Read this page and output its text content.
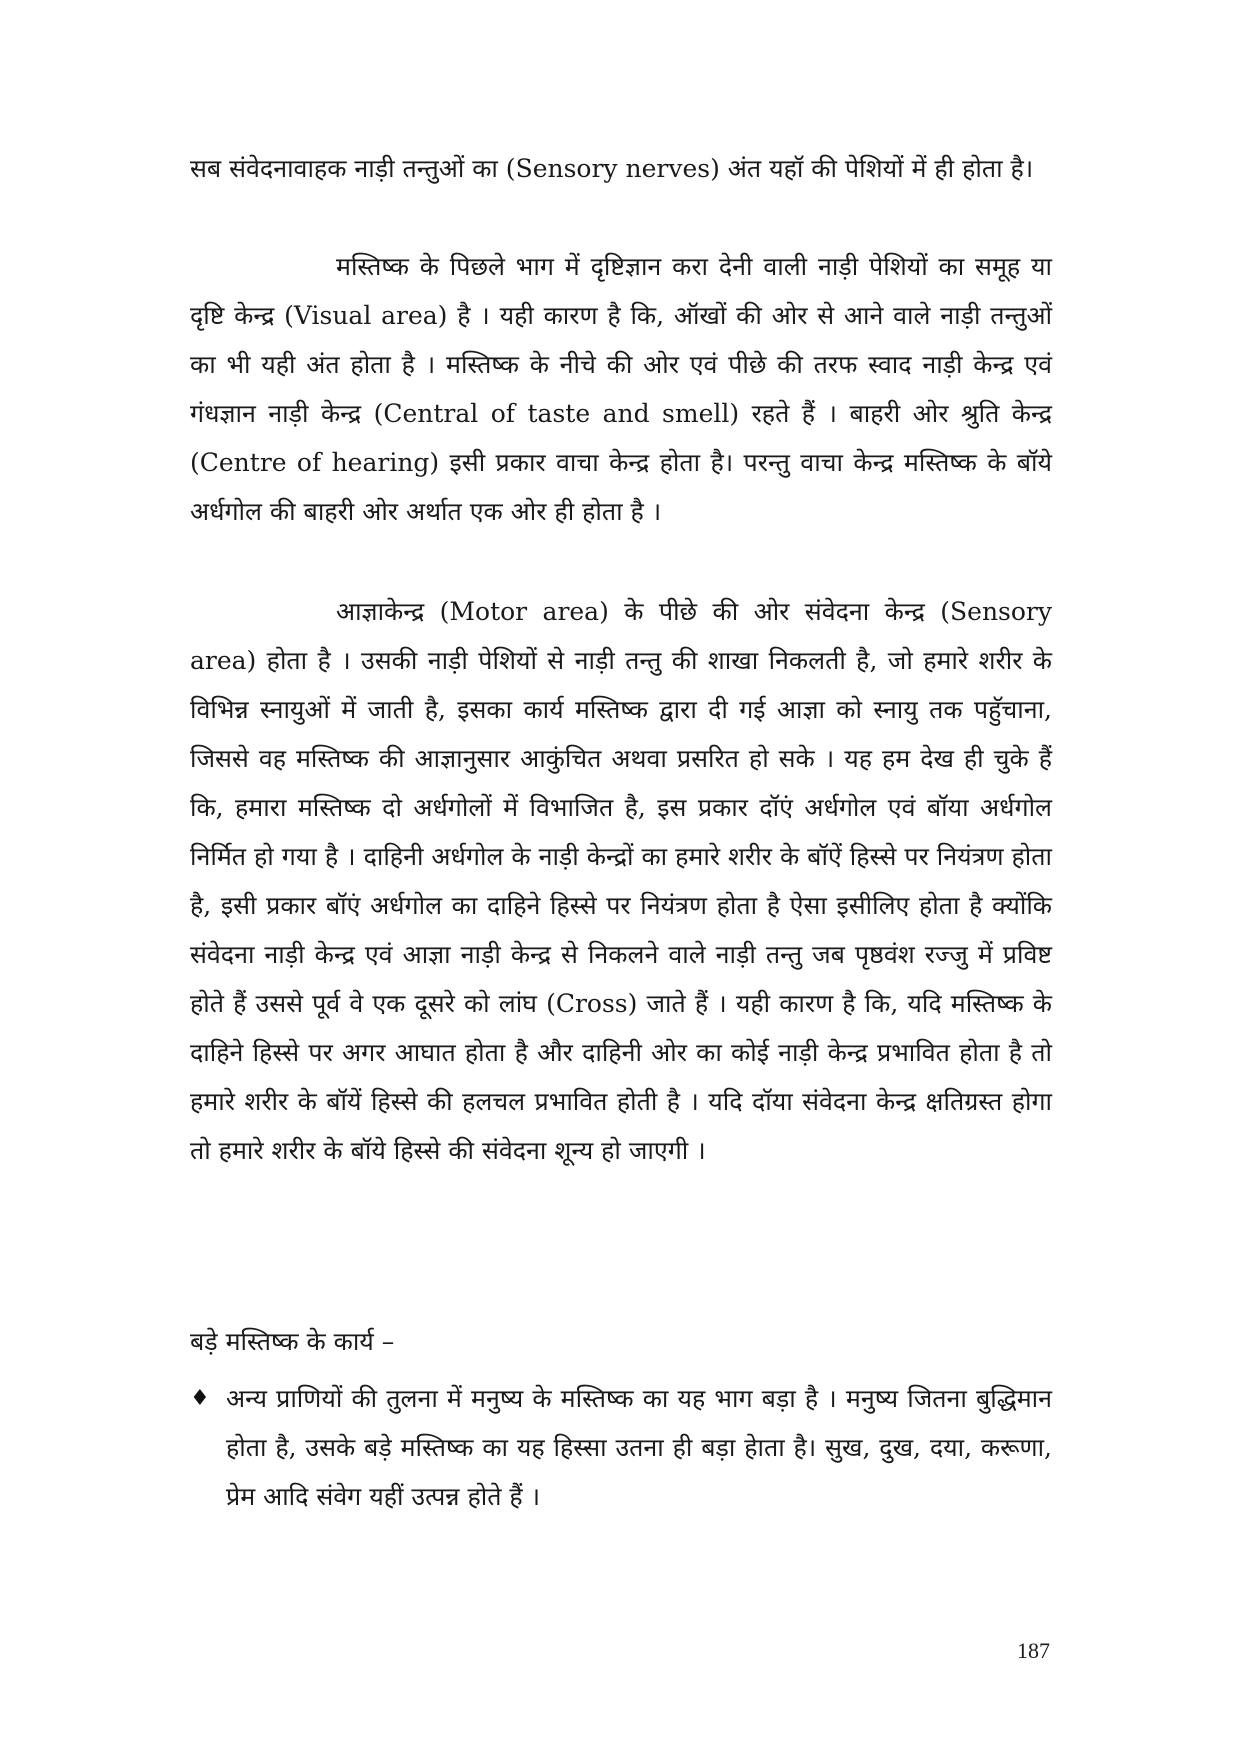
सब संवेदनावाहक नाड़ी तन्तुओं का (Sensory nerves) अंत यहॉ की पेशियों में ही होता है।

मस्तिष्क के पिछले भाग में दृष्टिज्ञान करा देनी वाली नाड़ी पेशियों का समूह या दृष्टि केन्द्र (Visual area) है । यही कारण है कि, ऑखों की ओर से आने वाले नाड़ी तन्तुओं का भी यही अंत होता है । मस्तिष्क के नीचे की ओर एवं पीछे की तरफ स्वाद नाड़ी केन्द्र एवं गंधज्ञान नाड़ी केन्द्र (Central of taste and smell) रहते हैं । बाहरी ओर श्रुति केन्द्र (Centre of hearing) इसी प्रकार वाचा केन्द्र होता है। परन्तु वाचा केन्द्र मस्तिष्क के बॉये अर्धगोल की बाहरी ओर अर्थात एक ओर ही होता है ।

आज्ञाकेन्द्र (Motor area) के पीछे की ओर संवेदना केन्द्र (Sensory area) होता है । उसकी नाड़ी पेशियों से नाड़ी तन्तु की शाखा निकलती है, जो हमारे शरीर के विभिन्न स्नायुओं में जाती है, इसका कार्य मस्तिष्क द्वारा दी गई आज्ञा को स्नायु तक पहुॅचाना, जिससे वह मस्तिष्क की आज्ञानुसार आकुंचित अथवा प्रसरित हो सके । यह हम देख ही चुके हैं कि, हमारा मस्तिष्क दो अर्धगोलों में विभाजित है, इस प्रकार दॉएं अर्धगोल एवं बॉया अर्धगोल निर्मित हो गया है । दाहिनी अर्धगोल के नाड़ी केन्द्रों का हमारे शरीर के बॉऐं हिस्से पर नियंत्रण होता है, इसी प्रकार बॉएं अर्धगोल का दाहिने हिस्से पर नियंत्रण होता है ऐसा इसीलिए होता है क्योंकि संवेदना नाड़ी केन्द्र एवं आज्ञा नाड़ी केन्द्र से निकलने वाले नाड़ी तन्तु जब पृष्ठवंश रज्जु में प्रविष्ट होते हैं उससे पूर्व वे एक दूसरे को लांघ (Cross) जाते हैं । यही कारण है कि, यदि मस्तिष्क के दाहिने हिस्से पर अगर आघात होता है और दाहिनी ओर का कोई नाड़ी केन्द्र प्रभावित होता है तो हमारे शरीर के बॉयें हिस्से की हलचल प्रभावित होती है । यदि दॉया संवेदना केन्द्र क्षतिग्रस्त होगा तो हमारे शरीर के बॉये हिस्से की संवेदना शून्य हो जाएगी ।

बड़े मस्तिष्क के कार्य –
♦ अन्य प्राणियों की तुलना में मनुष्य के मस्तिष्क का यह भाग बड़ा है । मनुष्य जितना बुद्धिमान होता है, उसके बड़े मस्तिष्क का यह हिस्सा उतना ही बड़ा हेाता है। सुख, दुख, दया, करूणा, प्रेम आदि संवेग यहीं उत्पन्न होते हैं ।

187
